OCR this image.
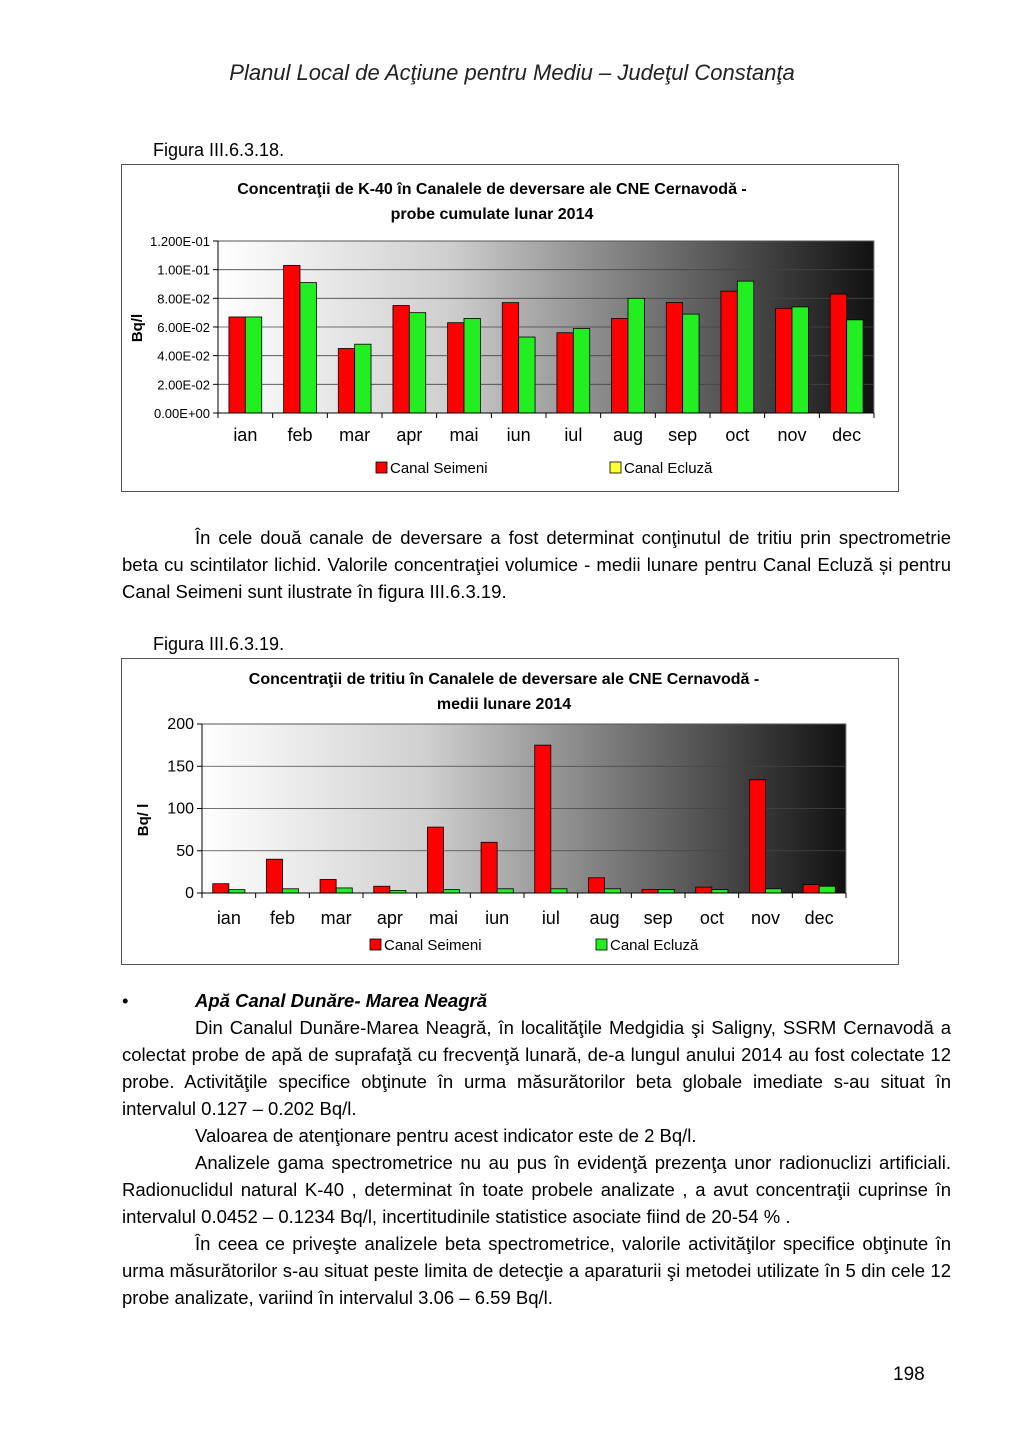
Planul Local de Acţiune pentru Mediu – Judeţul Constanţa
Figura III.6.3.18.
Concentraţii de K-40 în Canalele de deversare ale CNE Cernavodă -
probe cumulate lunar 2014
0.00E+00
2.00E-02
4.00E-02
6.00E-02
8.00E-02
1.00E-01
1.200E-01
ian feb mar apr mai iun iul aug sep oct nov dec
Bq/l
Canal Seimeni	Canal Ecluză

În cele două canale de deversare a fost determinat conţinutul de tritiu prin spectrometrie beta cu scintilator lichid. Valorile concentraţiei volumice - medii lunare pentru Canal Ecluză și pentru Canal Seimeni sunt ilustrate în figura III.6.3.19.

Figura III.6.3.19.
Concentraţii de tritiu în Canalele de deversare ale CNE Cernavodă -
medii lunare 2014
0
50
100
150
200
ian feb mar apr mai iun iul aug sep oct nov dec
Bq/ l
Canal Seimeni	Canal Ecluză
•	Apă Canal Dunăre- Marea Neagră

Din Canalul Dunăre-Marea Neagră, în localităţile Medgidia şi Saligny, SSRM Cernavodă a colectat probe de apă de suprafaţă cu frecvenţă lunară, de-a lungul anului 2014 au fost colectate 12 probe. Activităţile specifice obţinute în urma măsurătorilor beta globale imediate s-au situat în intervalul 0.127 – 0.202 Bq/l.

Valoarea de atenţionare pentru acest indicator este de 2 Bq/l.

Analizele gama spectrometrice nu au pus în evidenţă prezenţa unor radionuclizi artificiali. Radionuclidul natural K-40 , determinat în toate probele analizate , a avut concentraţii cuprinse în intervalul 0.0452 – 0.1234 Bq/l, incertitudinile statistice asociate fiind de 20-54 % .

În ceea ce priveşte analizele beta spectrometrice, valorile activităţilor specifice obţinute în urma măsurătorilor s-au situat peste limita de detecţie a aparaturii şi metodei utilizate în 5 din cele 12 probe analizate, variind în intervalul 3.06 – 6.59 Bq/l.

198
